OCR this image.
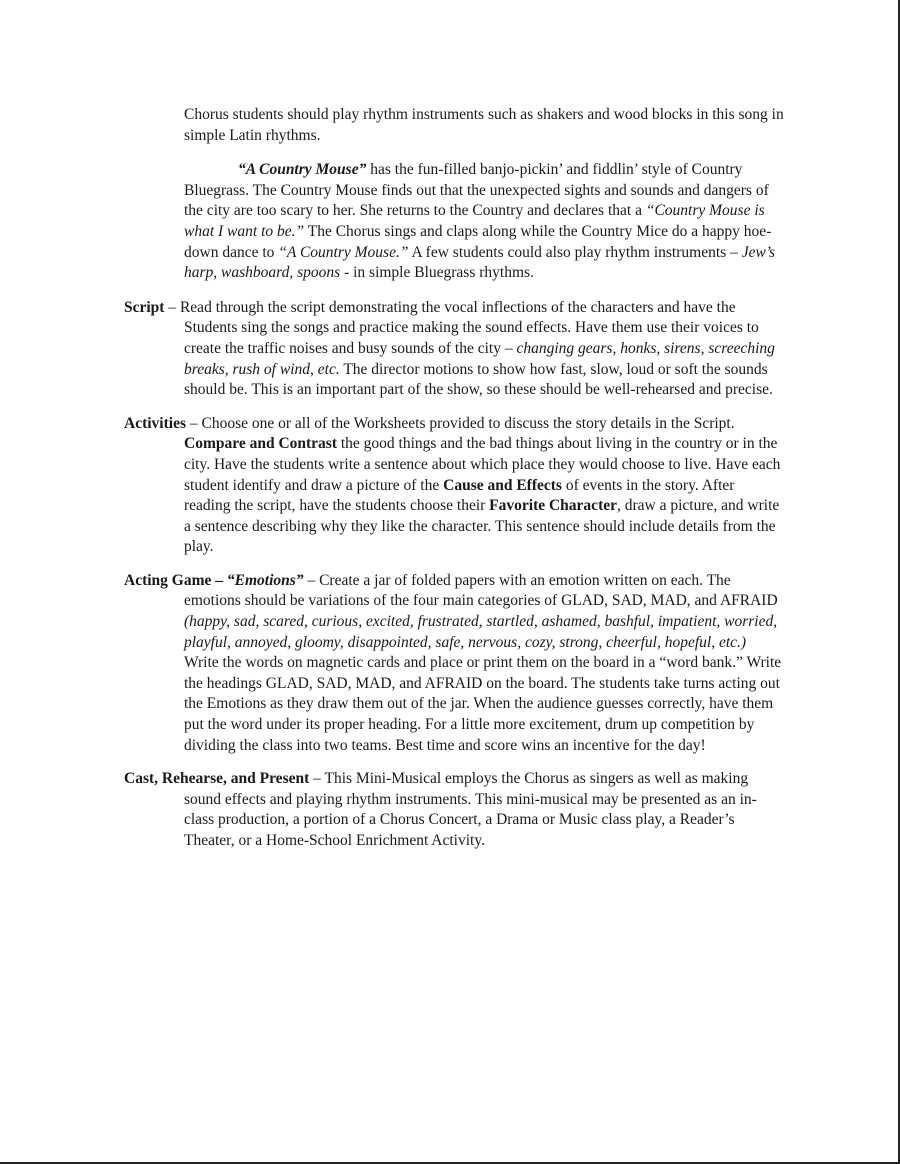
Chorus students should play rhythm instruments such as shakers and wood blocks in this song in simple Latin rhythms.

“A Country Mouse” has the fun-filled banjo-pickin’ and fiddlin’ style of Country Bluegrass. The Country Mouse finds out that the unexpected sights and sounds and dangers of the city are too scary to her. She returns to the Country and declares that a “Country Mouse is what I want to be.” The Chorus sings and claps along while the Country Mice do a happy hoe-down dance to “A Country Mouse.” A few students could also play rhythm instruments – Jew’s harp, washboard, spoons - in simple Bluegrass rhythms.

Script – Read through the script demonstrating the vocal inflections of the characters and have the Students sing the songs and practice making the sound effects. Have them use their voices to create the traffic noises and busy sounds of the city – changing gears, honks, sirens, screeching breaks, rush of wind, etc. The director motions to show how fast, slow, loud or soft the sounds should be. This is an important part of the show, so these should be well-rehearsed and precise.

Activities – Choose one or all of the Worksheets provided to discuss the story details in the Script. Compare and Contrast the good things and the bad things about living in the country or in the city. Have the students write a sentence about which place they would choose to live. Have each student identify and draw a picture of the Cause and Effects of events in the story. After reading the script, have the students choose their Favorite Character, draw a picture, and write a sentence describing why they like the character. This sentence should include details from the play.

Acting Game – “Emotions” – Create a jar of folded papers with an emotion written on each. The emotions should be variations of the four main categories of GLAD, SAD, MAD, and AFRAID (happy, sad, scared, curious, excited, frustrated, startled, ashamed, bashful, impatient, worried, playful, annoyed, gloomy, disappointed, safe, nervous, cozy, strong, cheerful, hopeful, etc.) Write the words on magnetic cards and place or print them on the board in a “word bank.” Write the headings GLAD, SAD, MAD, and AFRAID on the board. The students take turns acting out the Emotions as they draw them out of the jar. When the audience guesses correctly, have them put the word under its proper heading. For a little more excitement, drum up competition by dividing the class into two teams. Best time and score wins an incentive for the day!

Cast, Rehearse, and Present – This Mini-Musical employs the Chorus as singers as well as making sound effects and playing rhythm instruments. This mini-musical may be presented as an in-class production, a portion of a Chorus Concert, a Drama or Music class play, a Reader’s Theater, or a Home-School Enrichment Activity.
